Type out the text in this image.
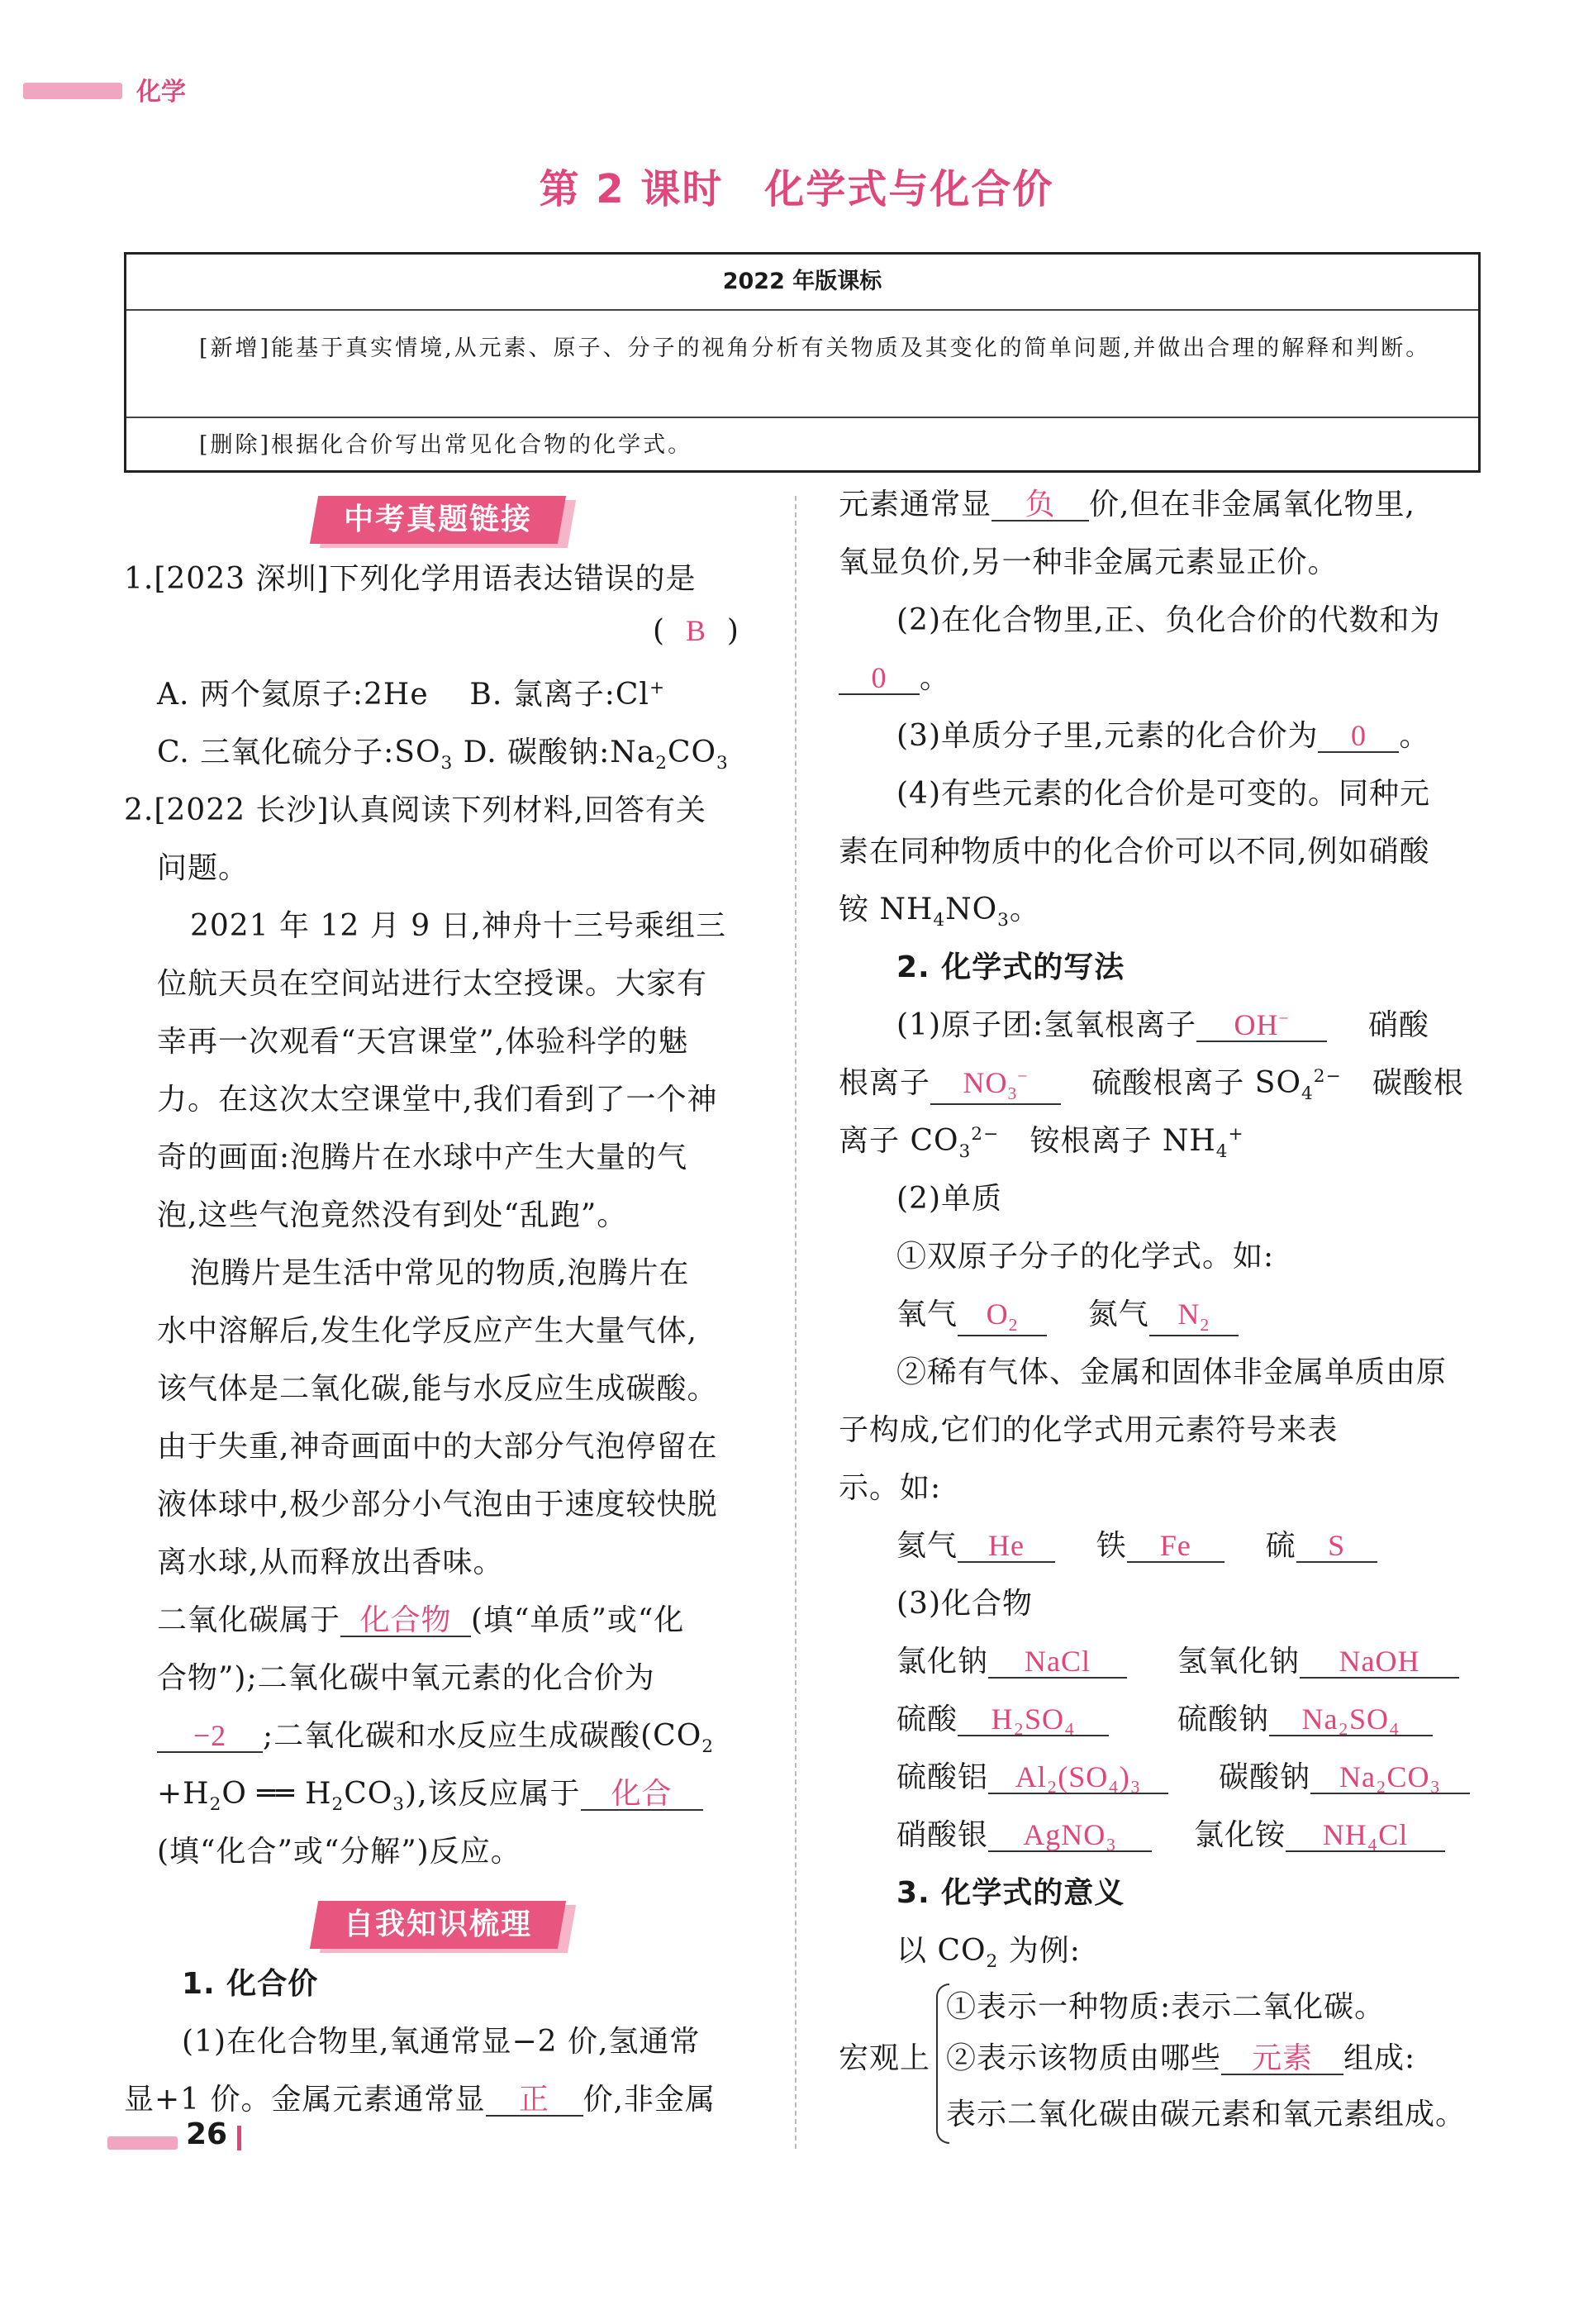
化学
第 2 课时　化学式与化合价
2022 年版课标
[新增]能基于真实情境,从元素、原子、分子的视角分析有关物质及其变化的简单问题,并做出合理的解释和判断。
[删除]根据化合价写出常见化合物的化学式。
中考真题链接
1.[2023 深圳]下列化学用语表达错误的是
(  B  )
A. 两个氦原子:2He B. 氯离子:Cl+
C. 三氧化硫分子$:SO_3$ D. 碳酸钠$:Na_2CO_3$
2.[2022 长沙]认真阅读下列材料,回答有关
问题。
2021 年 12 月 9 日,神舟十三号乘组三
位航天员在空间站进行太空授课。大家有
幸再一次观看“天宫课堂”,体验科学的魅
力。在这次太空课堂中,我们看到了一个神
奇的画面:泡腾片在水球中产生大量的气
泡,这些气泡竟然没有到处“乱跑”。
泡腾片是生活中常见的物质,泡腾片在
水中溶解后,发生化学反应产生大量气体,
该气体是二氧化碳,能与水反应生成碳酸。
由于失重,神奇画面中的大部分气泡停留在
液体球中,极少部分小气泡由于速度较快脱
离水球,从而释放出香味。
二氧化碳属于 化合物 (填“单质”或“化
合物”);二氧化碳中氧元素的化合价为
−2 ;二氧化碳和水反应生成碳酸($CO_2$
$+H_2O$ ══ $H_2CO_3$),该反应属于 化合
(填“化合”或“分解”)反应。
自我知识梳理
1. 化合价
(1)在化合物里,氧通常显−2 价,氢通常
显+1 价。金属元素通常显 正 价,非金属
元素通常显 负 价,但在非金属氧化物里,
氧显负价,另一种非金属元素显正价。
(2)在化合物里,正、负化合价的代数和为
0 。
(3)单质分子里,元素的化合价为 0 。
(4)有些元素的化合价是可变的。同种元
素在同种物质中的化合价可以不同,例如硝酸
铵 $NH_4NO_3$。
2. 化学式的写法
(1)原子团:氢氧根离子 OH−	硝酸
根离子 $NO_3^-$ 硫酸根离子 $SO_4^{2-}$ 碳酸根
离子 $CO_3^{2-}$ 铵根离子 $NH_4^+$
(2)单质
①双原子分子的化学式。如:
氧气 $O_2$ 氮气 $N_2$
②稀有气体、金属和固体非金属单质由原
子构成,它们的化学式用元素符号来表
示。如:
氦气 He 铁 Fe 硫 S
(3)化合物
氯化钠 NaCl	氢氧化钠 NaOH
硫酸 H₂SO₄	硫酸钠 Na₂SO₄
硫酸铝 Al₂(SO₄)₃	碳酸钠 Na₂CO₃
硝酸银 AgNO₃	氯化铵 NH₄Cl
3. 化学式的意义
以 $CO_2$ 为例:
宏观上
①表示一种物质:表示二氧化碳。
②表示该物质由哪些 元素 组成:
表示二氧化碳由碳元素和氧元素组成。
26
